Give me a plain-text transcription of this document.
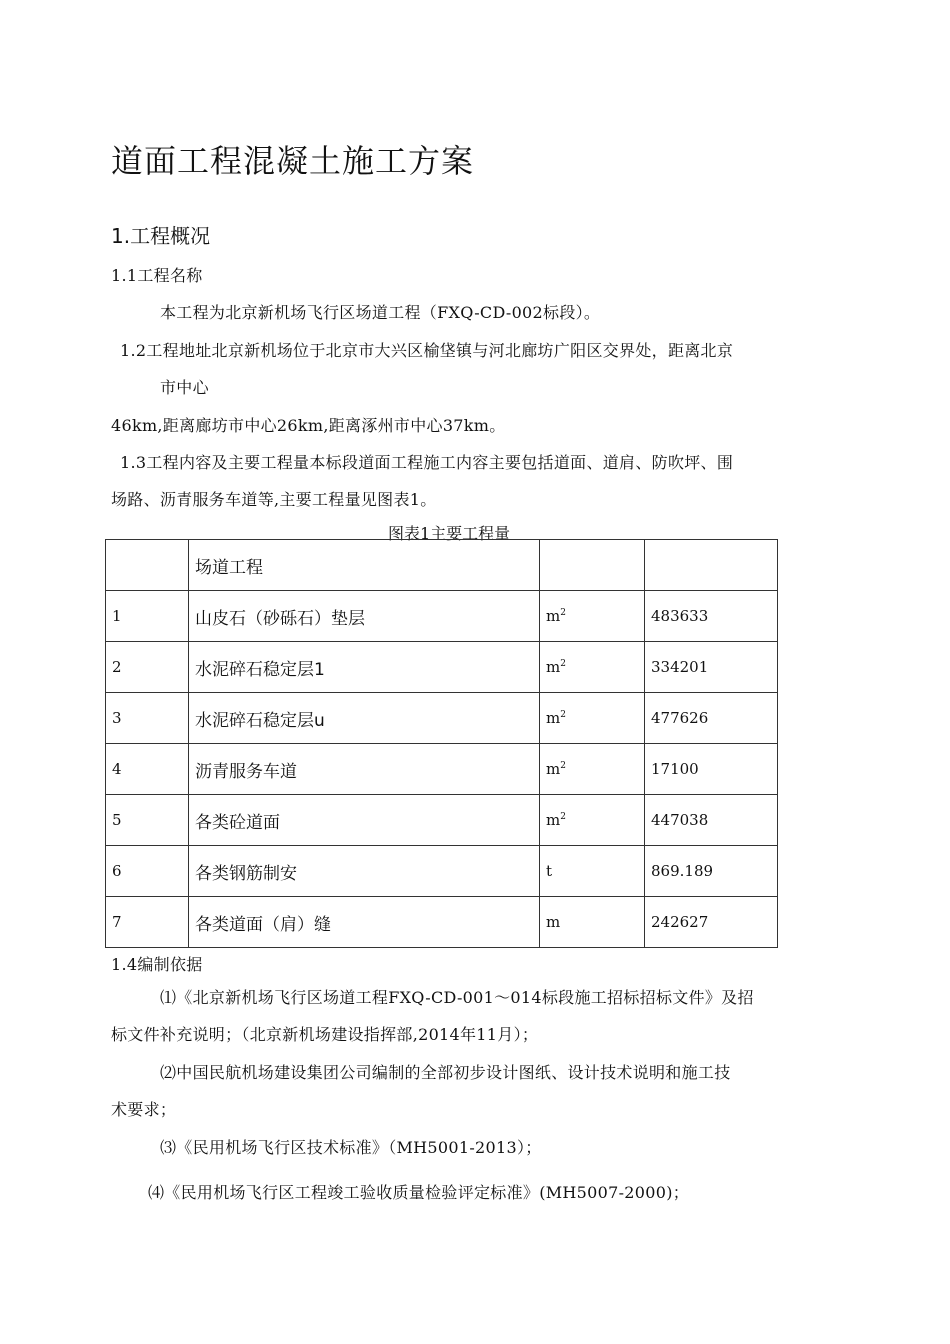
道面工程混凝土施工方案
1.工程概况
1.1工程名称
本工程为北京新机场飞行区场道工程（FXQ-CD-002标段）。
1.2工程地址北京新机场位于北京市大兴区榆垡镇与河北廊坊广阳区交界处，距离北京
市中心
46km,距离廊坊市中心26km,距离涿州市中心37km。
1.3工程内容及主要工程量本标段道面工程施工内容主要包括道面、道肩、防吹坪、围
场路、沥青服务车道等,主要工程量见图表1。
图表1主要工程量
	场道工程		
1	山皮石（砂砾石）垫层	$m^2$	483633
2	水泥碎石稳定层1	$m^2$	334201
3	水泥碎石稳定层u	$m^2$	477626
4	沥青服务车道	$m^2$	17100
5	各类砼道面	$m^2$	447038
6	各类钢筋制安	t	869.189
7	各类道面（肩）缝	m	242627
1.4编制依据
⑴《北京新机场飞行区场道工程FXQ-CD-001〜014标段施工招标招标文件》及招
标文件补充说明；（北京新机场建设指挥部,2014年11月）；
⑵中国民航机场建设集团公司编制的全部初步设计图纸、设计技术说明和施工技
术要求；
⑶《民用机场飞行区技术标准》（MH5001-2013）；
⑷《民用机场飞行区工程竣工验收质量检验评定标准》(MH5007-2000)；
